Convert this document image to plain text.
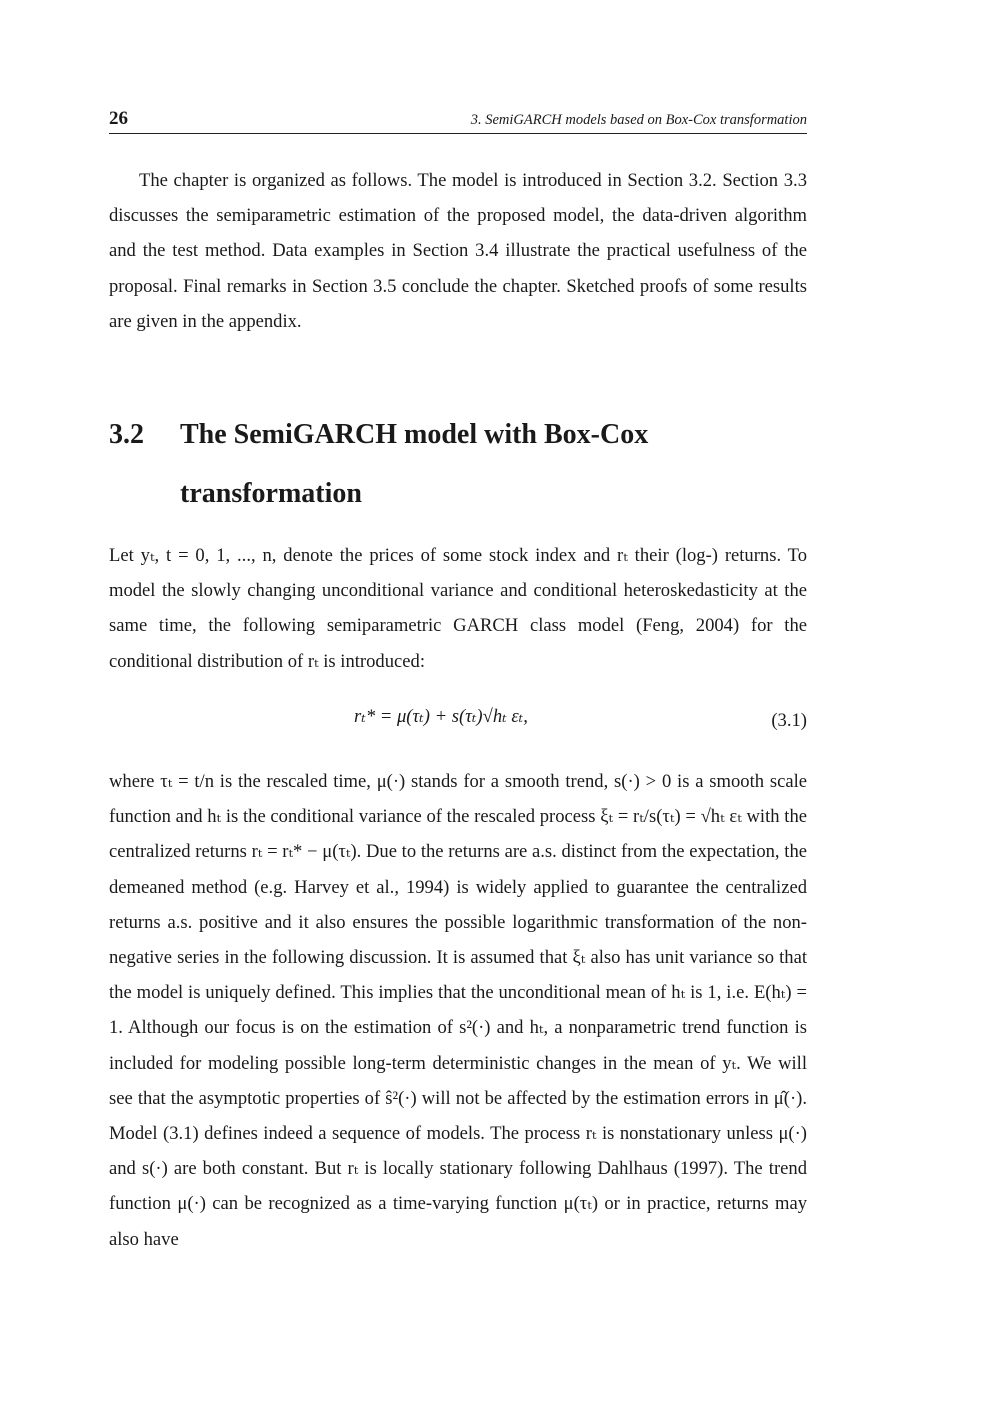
26	3. SemiGARCH models based on Box-Cox transformation

The chapter is organized as follows. The model is introduced in Section 3.2. Section 3.3 discusses the semiparametric estimation of the proposed model, the data-driven algorithm and the test method. Data examples in Section 3.4 illustrate the practical usefulness of the proposal. Final remarks in Section 3.5 conclude the chapter. Sketched proofs of some results are given in the appendix.

3.2 The SemiGARCH model with Box-Cox transformation

Let yₜ, t = 0, 1, ..., n, denote the prices of some stock index and rₜ their (log-) returns. To model the slowly changing unconditional variance and conditional heteroskedasticity at the same time, the following semiparametric GARCH class model (Feng, 2004) for the conditional distribution of rₜ is introduced:

rₜ* = μ(τₜ) + s(τₜ)√hₜ εₜ,	(3.1)

where τₜ = t/n is the rescaled time, μ(·) stands for a smooth trend, s(·) > 0 is a smooth scale function and hₜ is the conditional variance of the rescaled process ξₜ = rₜ/s(τₜ) = √hₜ εₜ with the centralized returns rₜ = rₜ* − μ(τₜ). Due to the returns are a.s. distinct from the expectation, the demeaned method (e.g. Harvey et al., 1994) is widely applied to guarantee the centralized returns a.s. positive and it also ensures the possible logarithmic transformation of the non-negative series in the following discussion. It is assumed that ξₜ also has unit variance so that the model is uniquely defined. This implies that the unconditional mean of hₜ is 1, i.e. E(hₜ) = 1. Although our focus is on the estimation of s²(·) and hₜ, a nonparametric trend function is included for modeling possible long-term deterministic changes in the mean of yₜ. We will see that the asymptotic properties of ŝ²(·) will not be affected by the estimation errors in μ̂(·). Model (3.1) defines indeed a sequence of models. The process rₜ is nonstationary unless μ(·) and s(·) are both constant. But rₜ is locally stationary following Dahlhaus (1997). The trend function μ(·) can be recognized as a time-varying function μ(τₜ) or in practice, returns may also have
